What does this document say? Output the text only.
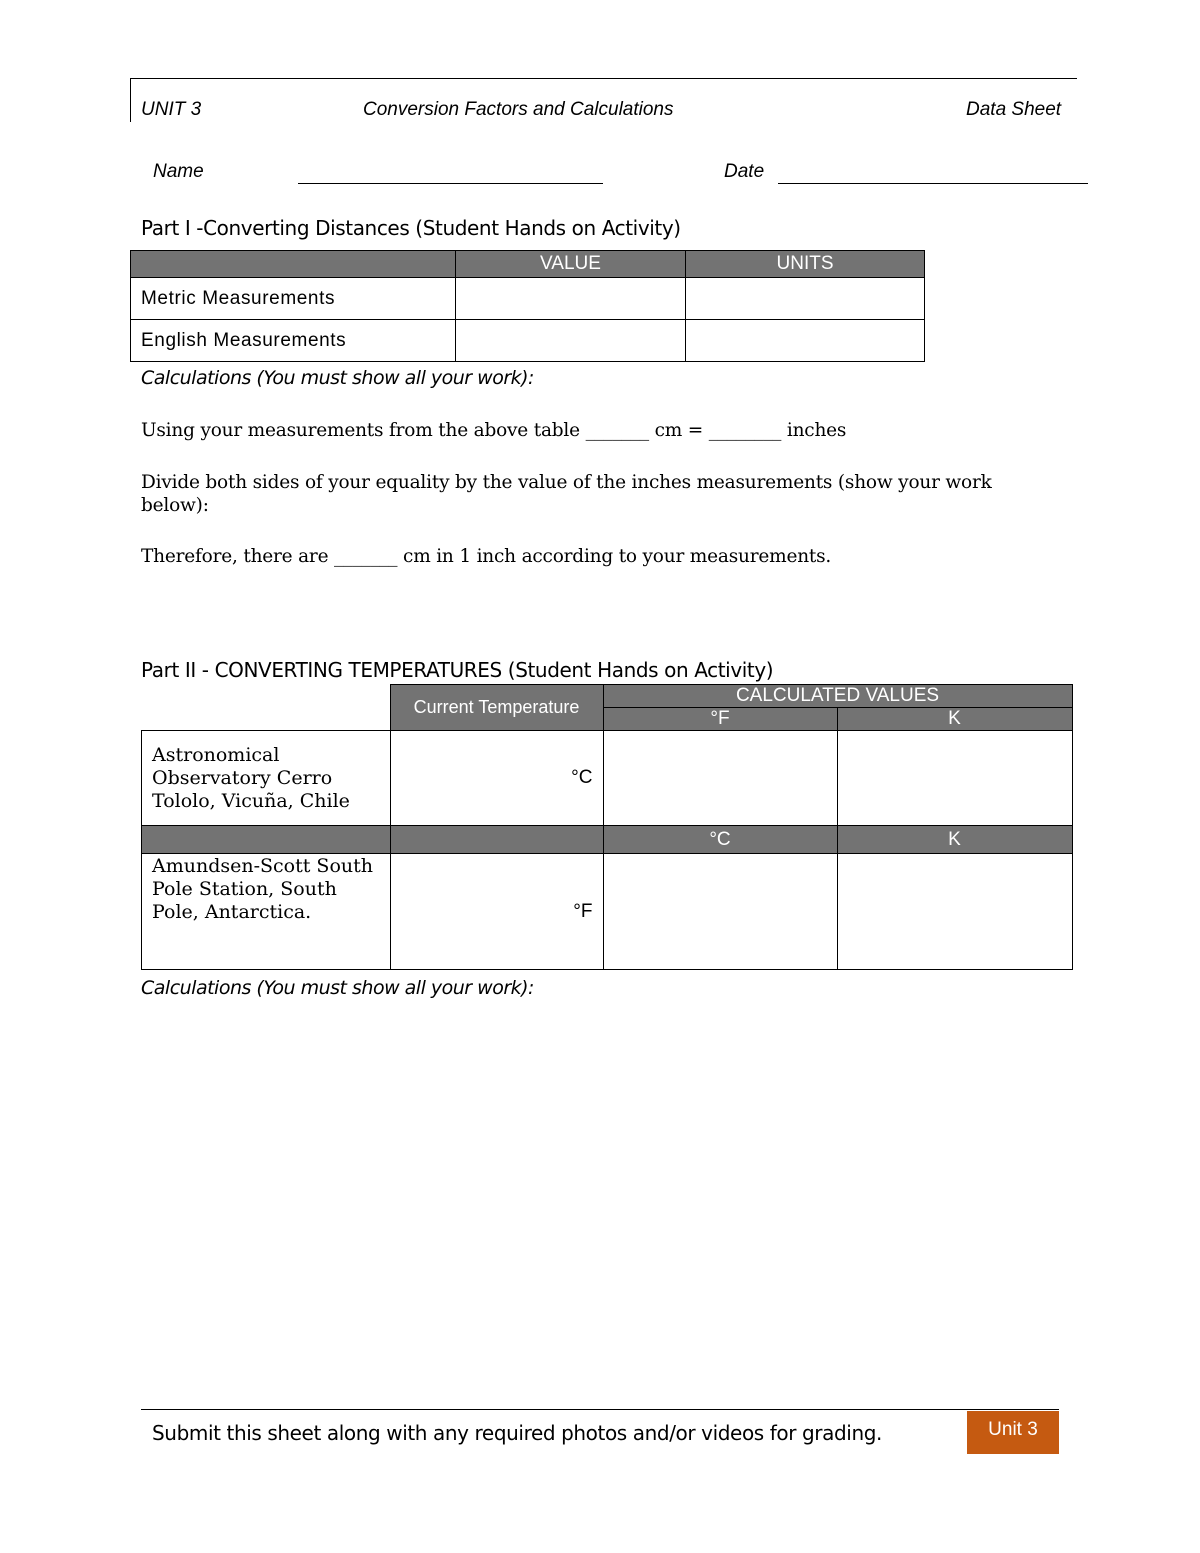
UNIT 3	Conversion Factors and Calculations	Data Sheet
Name	Date
Part I -Converting Distances (Student Hands on Activity)
	VALUE	UNITS
Metric Measurements		
English Measurements		
Calculations (You must show all your work):
Using your measurements from the above table _______ cm = ________ inches
Divide both sides of your equality by the value of the inches measurements (show your work below):
Therefore, there are _______ cm in 1 inch according to your measurements.
Part II - CONVERTING TEMPERATURES (Student Hands on Activity)
	Current Temperature	CALCULATED VALUES	
		°F	K
Astronomical Observatory Cerro Tololo, Vicuña, Chile	°C		
		°C	K
Amundsen-Scott South Pole Station, South Pole, Antarctica.	°F		
Calculations (You must show all your work):
Submit this sheet along with any required photos and/or videos for grading.	Unit 3
